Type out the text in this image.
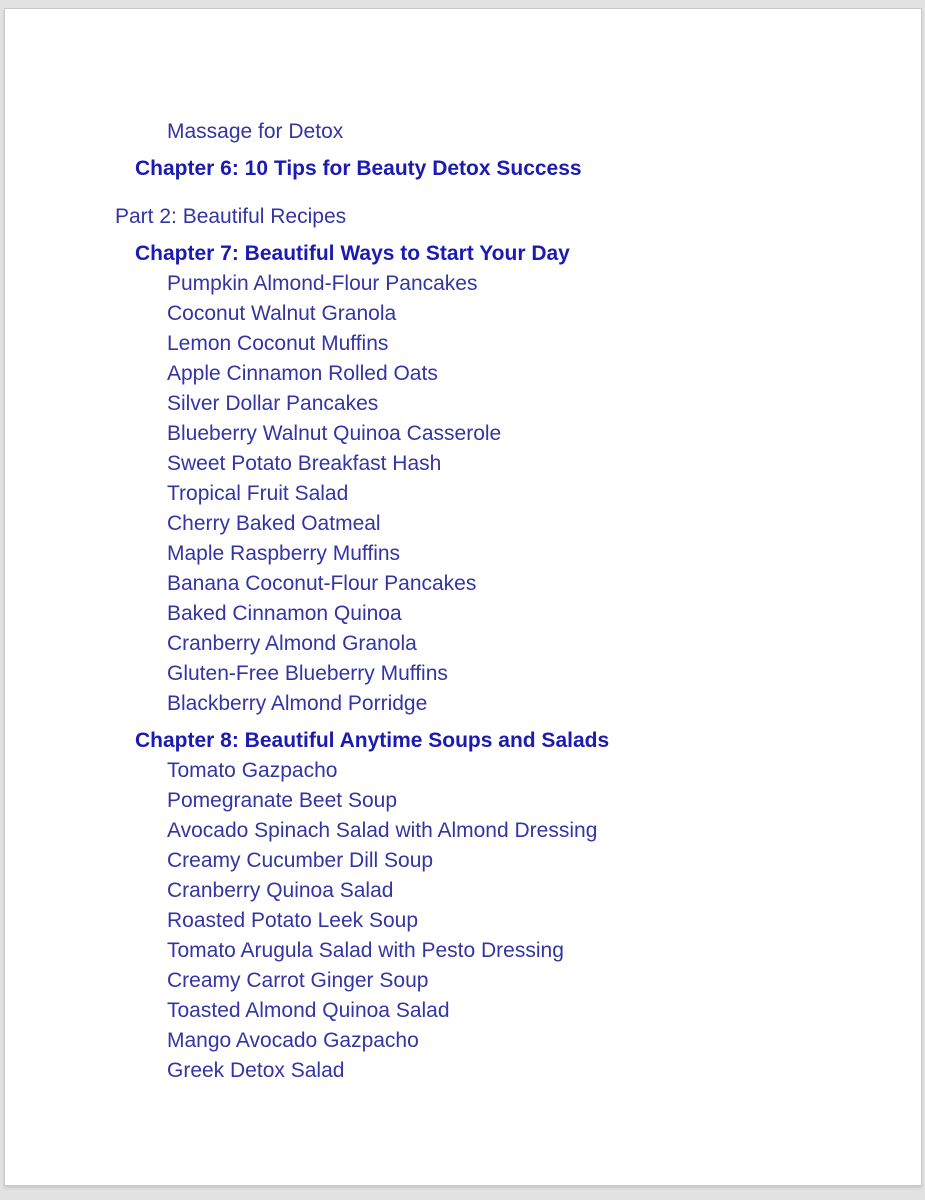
Massage for Detox
Chapter 6: 10 Tips for Beauty Detox Success
Part 2: Beautiful Recipes
Chapter 7: Beautiful Ways to Start Your Day
Pumpkin Almond-Flour Pancakes
Coconut Walnut Granola
Lemon Coconut Muffins
Apple Cinnamon Rolled Oats
Silver Dollar Pancakes
Blueberry Walnut Quinoa Casserole
Sweet Potato Breakfast Hash
Tropical Fruit Salad
Cherry Baked Oatmeal
Maple Raspberry Muffins
Banana Coconut-Flour Pancakes
Baked Cinnamon Quinoa
Cranberry Almond Granola
Gluten-Free Blueberry Muffins
Blackberry Almond Porridge
Chapter 8: Beautiful Anytime Soups and Salads
Tomato Gazpacho
Pomegranate Beet Soup
Avocado Spinach Salad with Almond Dressing
Creamy Cucumber Dill Soup
Cranberry Quinoa Salad
Roasted Potato Leek Soup
Tomato Arugula Salad with Pesto Dressing
Creamy Carrot Ginger Soup
Toasted Almond Quinoa Salad
Mango Avocado Gazpacho
Greek Detox Salad
